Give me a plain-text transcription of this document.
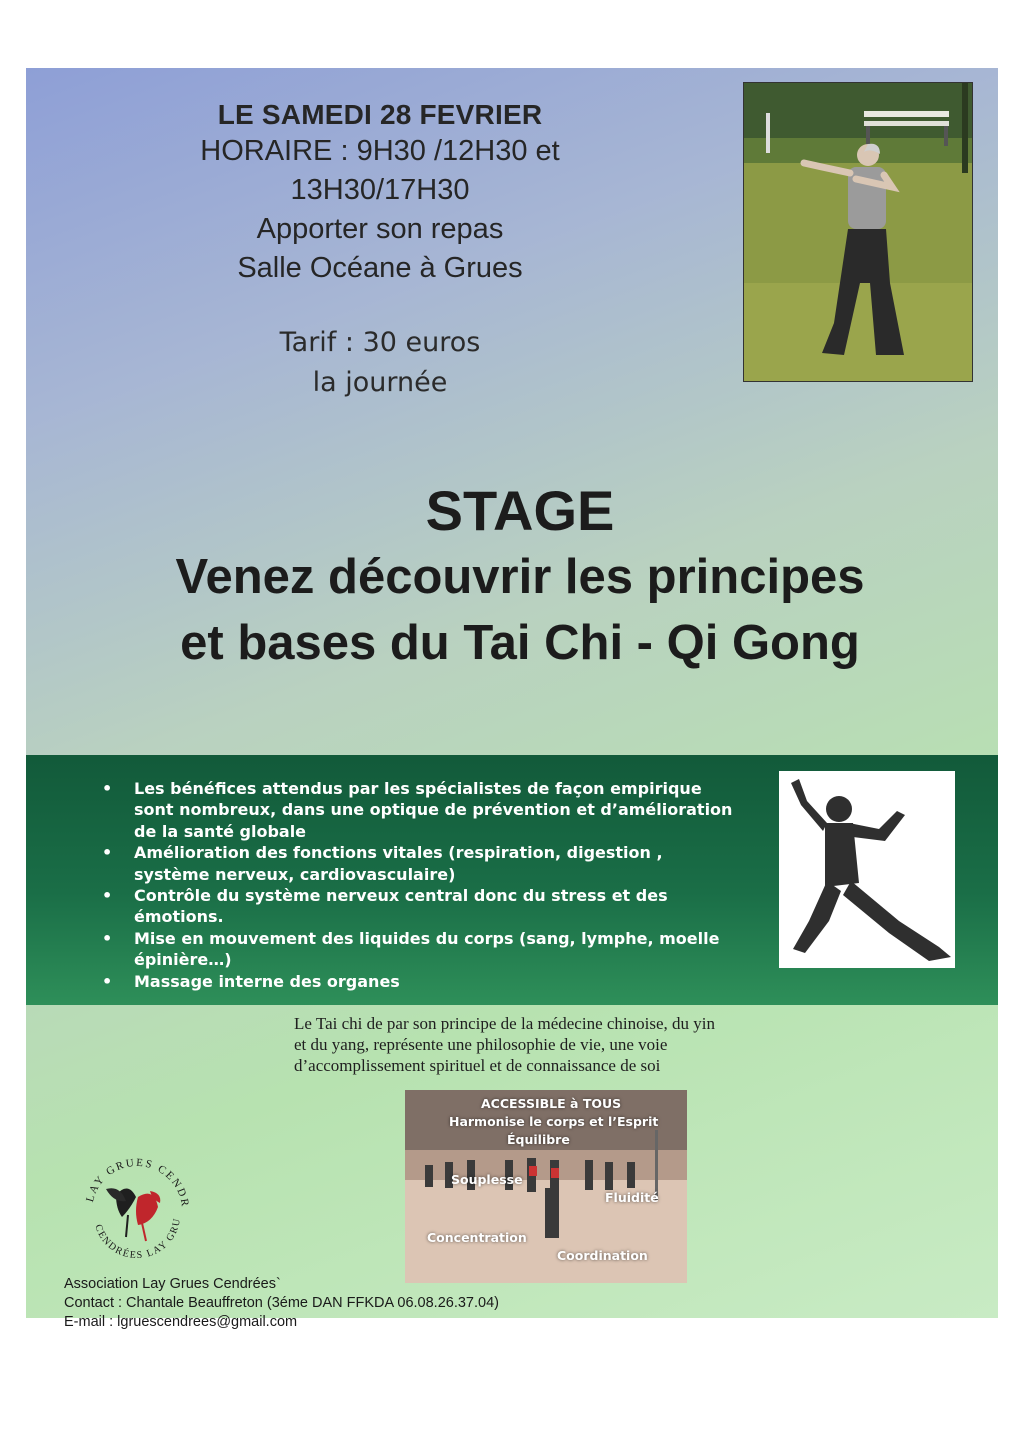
LE SAMEDI 28 FEVRIER
HORAIRE : 9H30 /12H30 et
13H30/17H30
Apporter son repas
Salle Océane à Grues
Tarif : 30 euros
la journée
STAGE
Venez découvrir les principes
et bases du Tai Chi - Qi Gong
• Les bénéfices attendus par les spécialistes de façon empirique sont nombreux, dans une optique de prévention et d’amélioration de la santé globale
• Amélioration des fonctions vitales (respiration, digestion , système nerveux, cardiovasculaire)
• Contrôle du système nerveux central donc du stress et des émotions.
• Mise en mouvement des liquides du corps (sang, lymphe, moelle épinière…)
• Massage interne des organes
Le Tai chi de par son principe de la médecine chinoise, du yin
et du yang, représente une philosophie de vie, une voie
d’accomplissement spirituel et de connaissance de soi
ACCESSIBLE à TOUS
Harmonise le corps et l’Esprit
Équilibre
Souplesse
Fluidité
Concentration
Coordination
LAY GRUES CENDR
CENDRÉES LAY GRU
Association Lay Grues Cendrées`
Contact : Chantale Beauffreton (3éme DAN FFKDA 06.08.26.37.04)
E-mail : lgruescendrees@gmail.com
